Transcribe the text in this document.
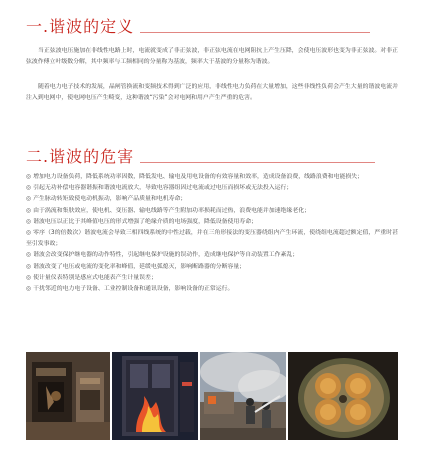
一.谐波的定义

当正弦波电压施加在非线性电路上时，电流就变成了非正弦波，非正弦电流在电网阻抗上产生压降，会使电压波形也变为非正弦波。对非正弦波作傅立叶级数分解，其中频率与工频相同的分量称为基波，频率大于基波的分量称为谐波。

随着电力电子技术的发展，晶闸管换流和变频技术得到广泛的应用，非线性电力负荷在大量增加，这些非线性负荷会产生大量的谐波电流并注入到电网中，使电网电压产生畸变，这种谐波“污染”会对电网和用户产生严重的危害。

二.谐波的危害
◎ 增加电力设备负荷，降低系统功率因数，降低发电、输电及用电设备的有效容量和效率，造成设备浪费，线路浪费和电能损失；
◎ 引起无功补偿电容器谐振和谐波电流放大，导致电容器组因过电流或过电压而损坏或无法投入运行；
◎ 产生脉动转矩致使电动机振动，影响产品质量和电机寿命；
◎ 由于涡流和集肤效应，使电机、变压器、输电线路等产生附加功率损耗而过热，浪费电能并加速绝缘老化；
◎ 谐波电压以正比于其峰值电压的形式增强了绝缘介质的电场强度，降低设备使用寿命；
◎ 零序（3的倍数次）谐波电流会导致三相四线系统的中性过载，并在三角形接法的变压器绕组内产生环流，使绕组电流超过额定值，严重时甚至引发事故；
◎ 谐波会改变保护继电器的动作特性，引起继电保护设施的误动作，造成继电保护等自动装置工作紊乱；
◎ 谐波改变了电压或电流的变化率和峰值，延缓电弧熄灭，影响断路器的分断容量；
◎ 使计量仪表特别是感应式电能表产生计量误差；
◎ 干扰邻近的电力电子设备、工业控制设备和通讯设备，影响设备的正常运行。
